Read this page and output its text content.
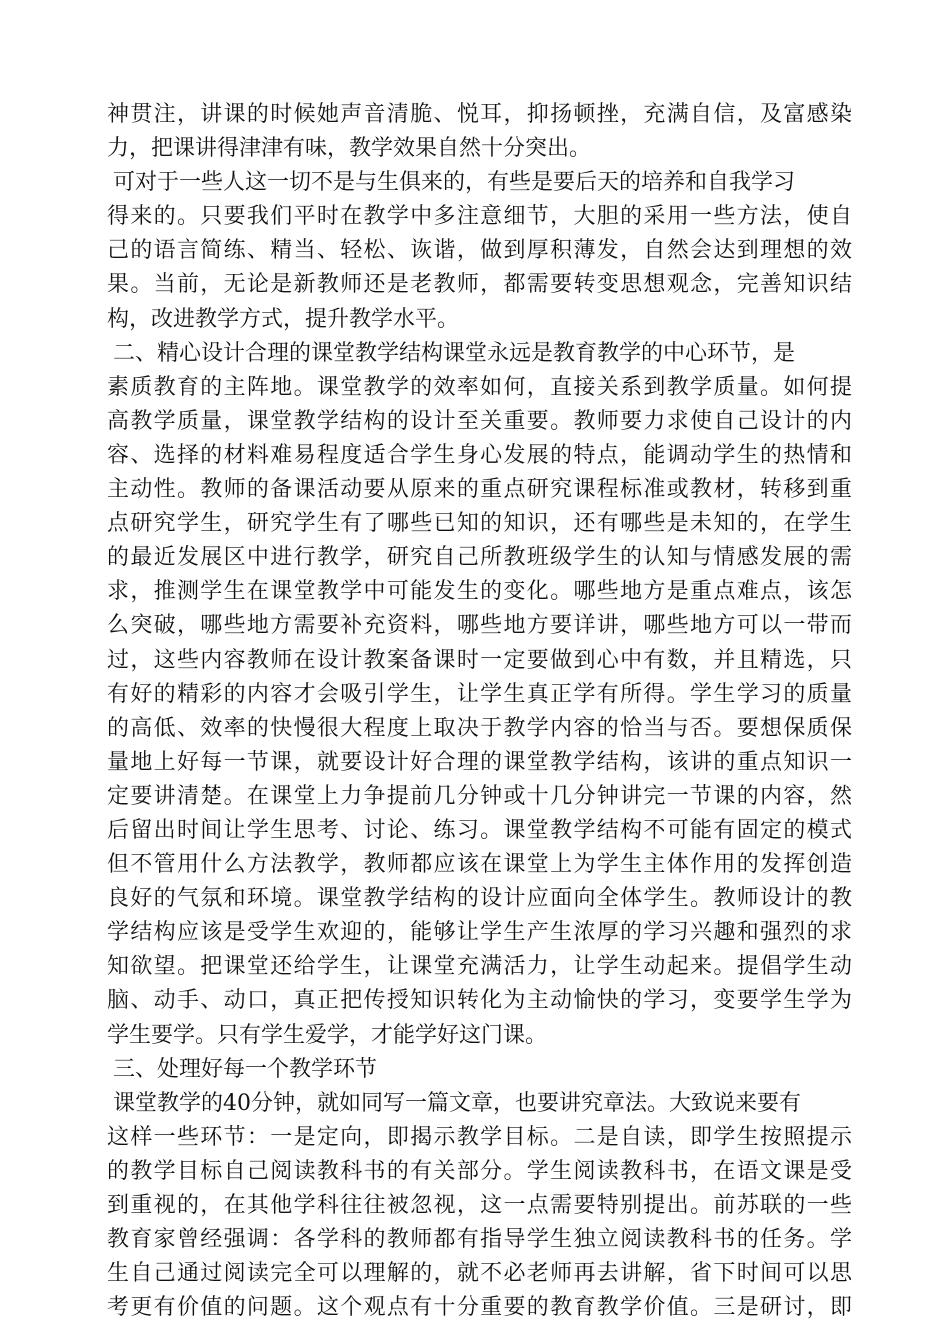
神贯注，讲课的时候她声音清脆、悦耳，抑扬顿挫，充满自信，及富感染
力，把课讲得津津有味，教学效果自然十分突出。
可对于一些人这一切不是与生俱来的，有些是要后天的培养和自我学习
得来的。只要我们平时在教学中多注意细节，大胆的采用一些方法，使自
己的语言简练、精当、轻松、诙谐，做到厚积薄发，自然会达到理想的效
果。当前，无论是新教师还是老教师，都需要转变思想观念，完善知识结
构，改进教学方式，提升教学水平。
二、精心设计合理的课堂教学结构课堂永远是教育教学的中心环节，是
素质教育的主阵地。课堂教学的效率如何，直接关系到教学质量。如何提
高教学质量，课堂教学结构的设计至关重要。教师要力求使自己设计的内
容、选择的材料难易程度适合学生身心发展的特点，能调动学生的热情和
主动性。教师的备课活动要从原来的重点研究课程标准或教材，转移到重
点研究学生，研究学生有了哪些已知的知识，还有哪些是未知的，在学生
的最近发展区中进行教学，研究自己所教班级学生的认知与情感发展的需
求，推测学生在课堂教学中可能发生的变化。哪些地方是重点难点，该怎
么突破，哪些地方需要补充资料，哪些地方要详讲，哪些地方可以一带而
过，这些内容教师在设计教案备课时一定要做到心中有数，并且精选，只
有好的精彩的内容才会吸引学生，让学生真正学有所得。学生学习的质量
的高低、效率的快慢很大程度上取决于教学内容的恰当与否。要想保质保
量地上好每一节课，就要设计好合理的课堂教学结构，该讲的重点知识一
定要讲清楚。在课堂上力争提前几分钟或十几分钟讲完一节课的内容，然
后留出时间让学生思考、讨论、练习。课堂教学结构不可能有固定的模式
但不管用什么方法教学，教师都应该在课堂上为学生主体作用的发挥创造
良好的气氛和环境。课堂教学结构的设计应面向全体学生。教师设计的教
学结构应该是受学生欢迎的，能够让学生产生浓厚的学习兴趣和强烈的求
知欲望。把课堂还给学生，让课堂充满活力，让学生动起来。提倡学生动
脑、动手、动口，真正把传授知识转化为主动愉快的学习，变要学生学为
学生要学。只有学生爱学，才能学好这门课。
三、处理好每一个教学环节
课堂教学的40分钟，就如同写一篇文章，也要讲究章法。大致说来要有
这样一些环节：一是定向，即揭示教学目标。二是自读，即学生按照提示
的教学目标自己阅读教科书的有关部分。学生阅读教科书，在语文课是受
到重视的，在其他学科往往被忽视，这一点需要特别提出。前苏联的一些
教育家曾经强调：各学科的教师都有指导学生独立阅读教科书的任务。学
生自己通过阅读完全可以理解的，就不必老师再去讲解，省下时间可以思
考更有价值的问题。这个观点有十分重要的教育教学价值。三是研讨，即
